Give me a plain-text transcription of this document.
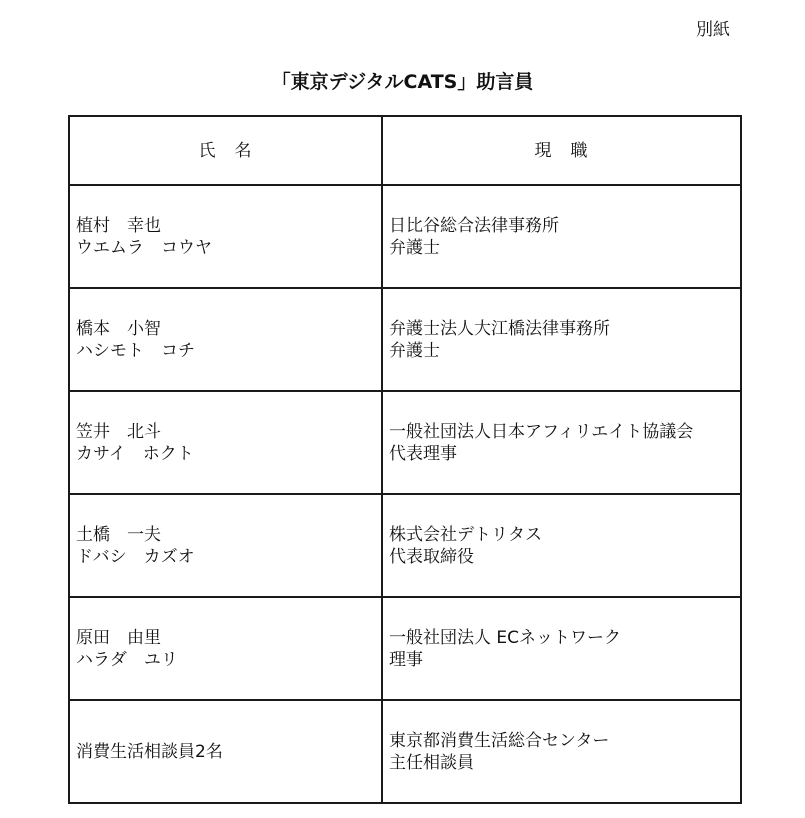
別紙
「東京デジタルCATS」助言員
氏　名	現　職

植村　幸也
ウエムラ　コウヤ	日比谷総合法律事務所
弁護士

橋本　小智
ハシモト　コチ	弁護士法人大江橋法律事務所
弁護士

笠井　北斗
カサイ　ホクト	一般社団法人日本アフィリエイト協議会
代表理事

土橋　一夫
ドバシ　カズオ	株式会社デトリタス
代表取締役

原田　由里
ハラダ　ユリ	一般社団法人 ECネットワーク
理事

消費生活相談員2名	東京都消費生活総合センター
主任相談員
